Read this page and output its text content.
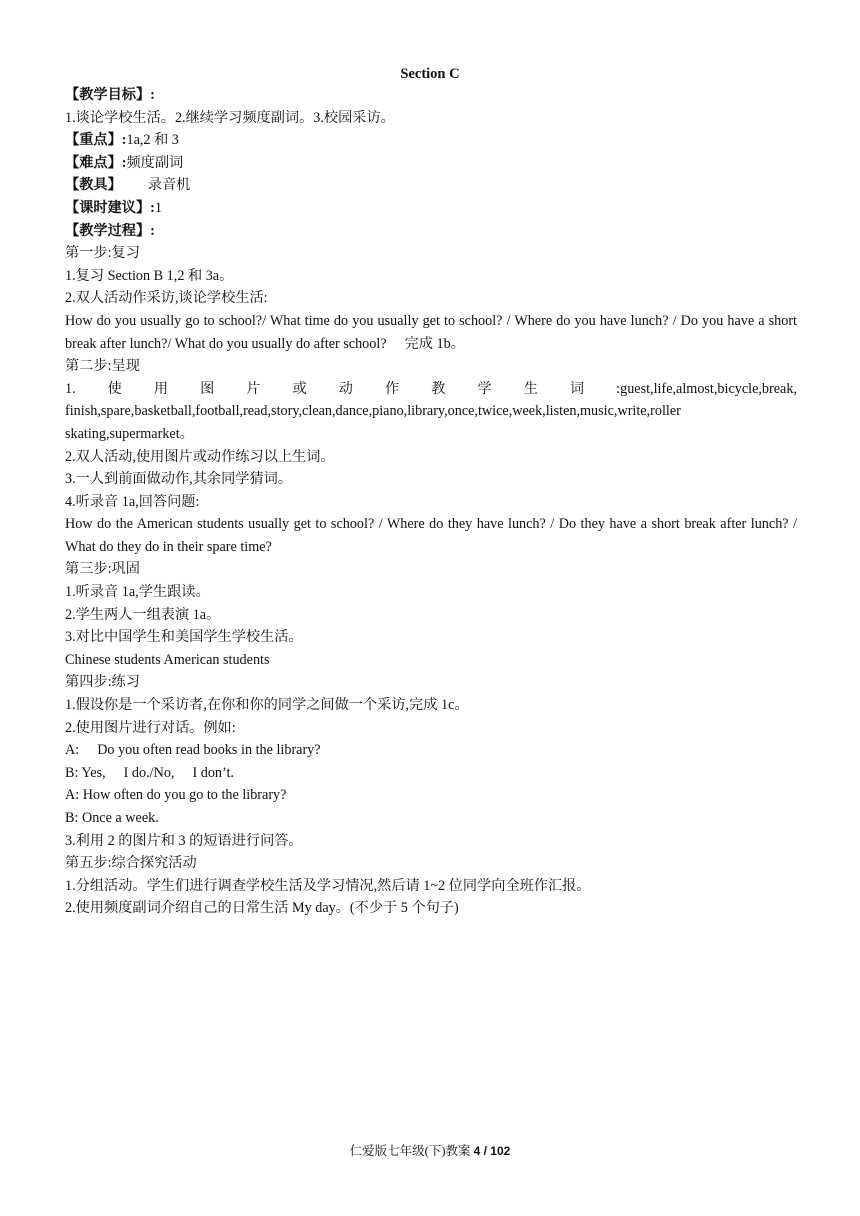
Section C

【教学目标】:

1.谈论学校生活。2.继续学习频度副词。3.校园采访。

【重点】:1a,2 和 3

【难点】:频度副词

【教具】 录音机

【课时建议】:1

【教学过程】:

第一步:复习

1.复习 Section B 1,2 和 3a。

2.双人活动作采访,谈论学校生活:

How do you usually go to school?/ What time do you usually get to school? / Where do you have lunch? / Do you have a short break after lunch?/ What do you usually do after school? 完成 1b。

第二步:呈现

1.使用图片或动作教学生词:guest,life,almost,bicycle,break, finish,spare,basketball,football,read,story,clean,dance,piano,library,once,twice,week,listen,music,write,roller skating,supermarket。

2.双人活动,使用图片或动作练习以上生词。

3.一人到前面做动作,其余同学猜词。

4.听录音 1a,回答问题:

How do the American students usually get to school? / Where do they have lunch? / Do they have a short break after lunch? / What do they do in their spare time?

第三步:巩固

1.听录音 1a,学生跟读。

2.学生两人一组表演 1a。

3.对比中国学生和美国学生学校生活。

Chinese students American students

第四步:练习

1.假设你是一个采访者,在你和你的同学之间做一个采访,完成 1c。

2.使用图片进行对话。例如:

A: Do you often read books in the library?

B: Yes, I do./No, I don’t.

A: How often do you go to the library?

B: Once a week.

3.利用 2 的图片和 3 的短语进行问答。

第五步:综合探究活动

1.分组活动。学生们进行调查学校生活及学习情况,然后请 1~2 位同学向全班作汇报。

2.使用频度副词介绍自己的日常生活 My day。(不少于 5 个句子)

仁爱版七年级(下)教案 4 / 102
